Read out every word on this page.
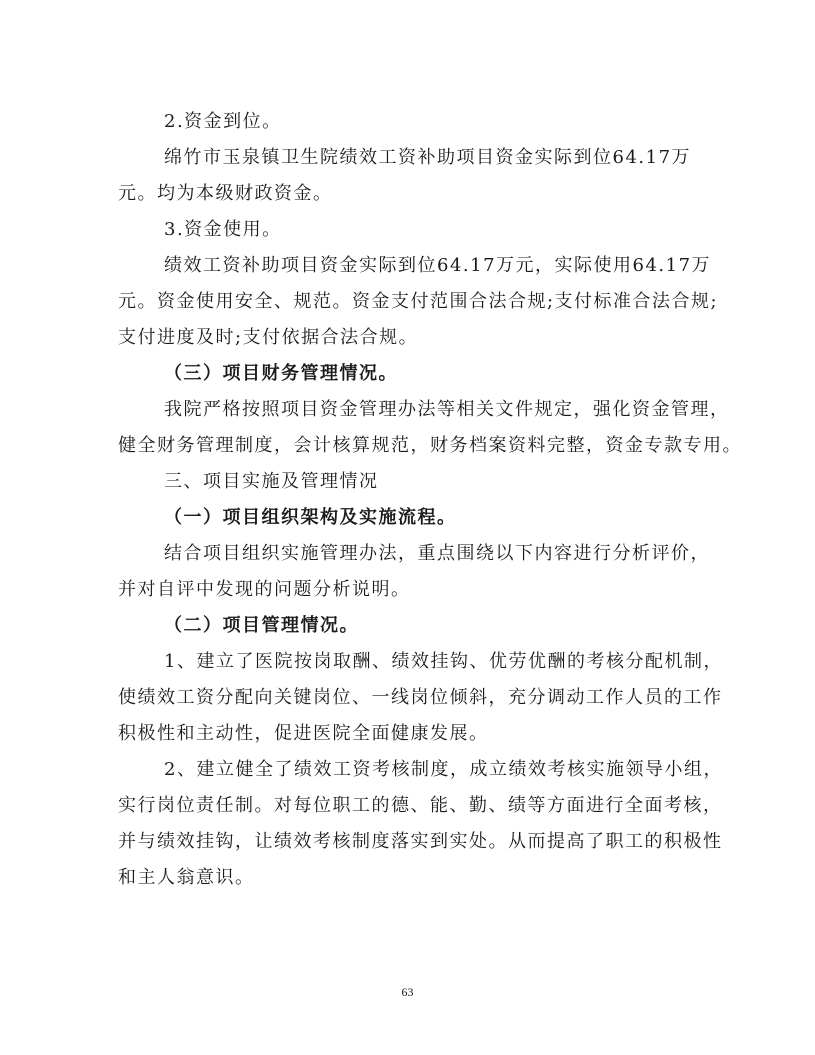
2.资金到位。
绵竹市玉泉镇卫生院绩效工资补助项目资金实际到位64.17万
元。均为本级财政资金。
3.资金使用。
绩效工资补助项目资金实际到位64.17万元，实际使用64.17万
元。资金使用安全、规范。资金支付范围合法合规;支付标准合法合规;
支付进度及时;支付依据合法合规。
（三）项目财务管理情况。
我院严格按照项目资金管理办法等相关文件规定，强化资金管理，
健全财务管理制度，会计核算规范，财务档案资料完整，资金专款专用。
三、项目实施及管理情况
（一）项目组织架构及实施流程。
结合项目组织实施管理办法，重点围绕以下内容进行分析评价，
并对自评中发现的问题分析说明。
（二）项目管理情况。
1、建立了医院按岗取酬、绩效挂钩、优劳优酬的考核分配机制，
使绩效工资分配向关键岗位、一线岗位倾斜，充分调动工作人员的工作
积极性和主动性，促进医院全面健康发展。
2、建立健全了绩效工资考核制度，成立绩效考核实施领导小组，
实行岗位责任制。对每位职工的德、能、勤、绩等方面进行全面考核，
并与绩效挂钩，让绩效考核制度落实到实处。从而提高了职工的积极性
和主人翁意识。
63
